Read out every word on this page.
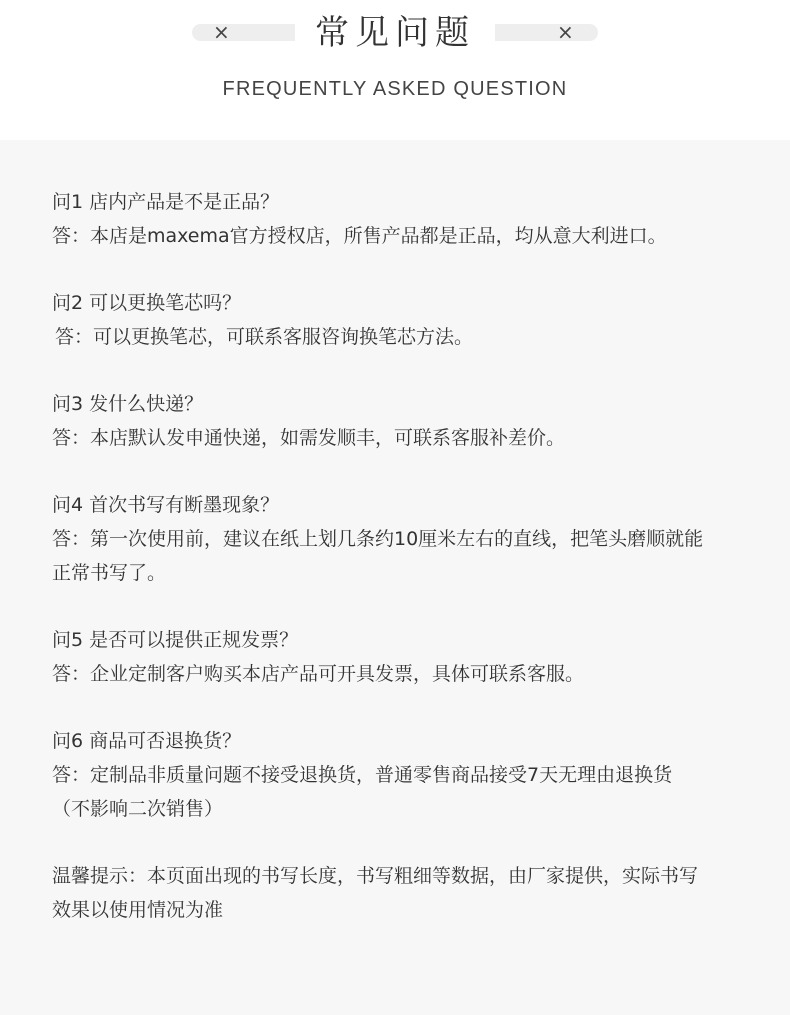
×	×
常见问题
FREQUENTLY ASKED QUESTION
问1 店内产品是不是正品？
答：本店是maxema官方授权店，所售产品都是正品，均从意大利进口。
问2 可以更换笔芯吗？
答：可以更换笔芯，可联系客服咨询换笔芯方法。
问3 发什么快递？
答：本店默认发申通快递，如需发顺丰，可联系客服补差价。
问4 首次书写有断墨现象？
答：第一次使用前，建议在纸上划几条约10厘米左右的直线，把笔头磨顺就能
正常书写了。
问5 是否可以提供正规发票？
答：企业定制客户购买本店产品可开具发票，具体可联系客服。
问6 商品可否退换货？
答：定制品非质量问题不接受退换货，普通零售商品接受7天无理由退换货
（不影响二次销售）
温馨提示：本页面出现的书写长度，书写粗细等数据，由厂家提供，实际书写
效果以使用情况为准
